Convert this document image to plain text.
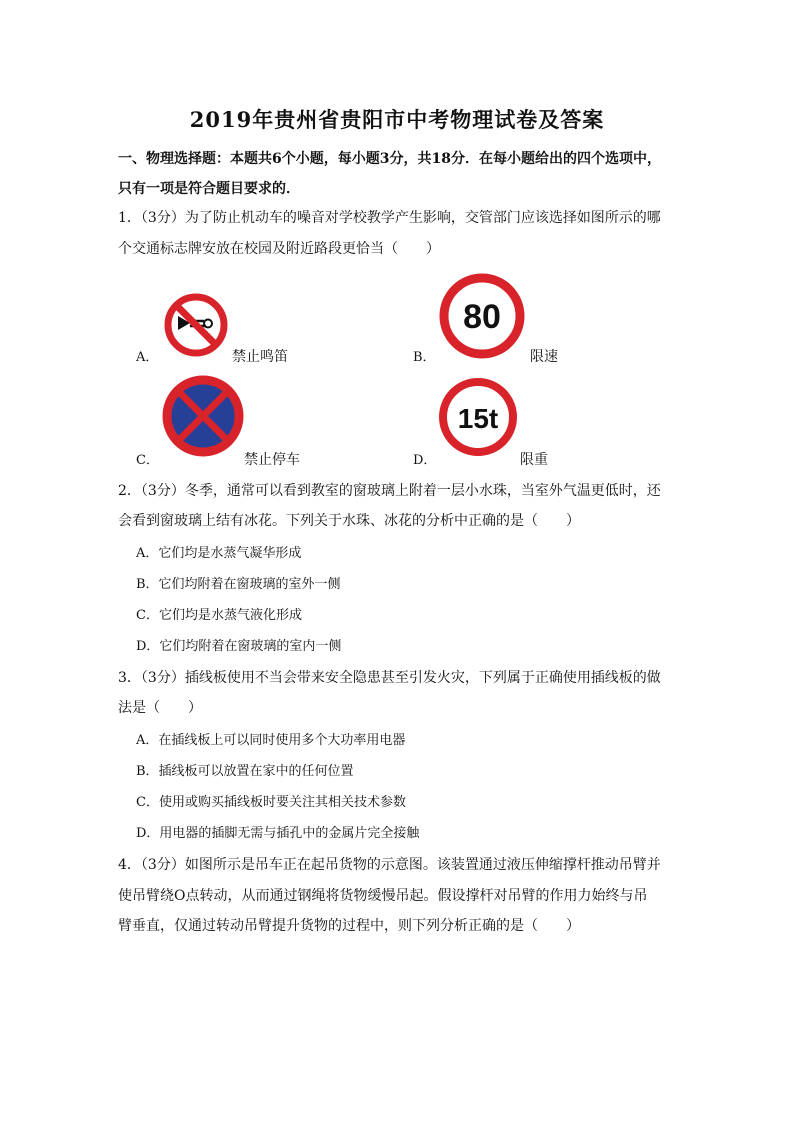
2019年贵州省贵阳市中考物理试卷及答案
一、物理选择题：本题共6个小题，每小题3分，共18分．在每小题给出的四个选项中，
只有一项是符合题目要求的．
1．（3分）为了防止机动车的噪音对学校教学产生影响，交管部门应该选择如图所示的哪
个交通标志牌安放在校园及附近路段更恰当（　　）
A．	禁止鸣笛
80
B．	限速
C．	禁止停车
15t
D．	限重
2．（3分）冬季，通常可以看到教室的窗玻璃上附着一层小水珠，当室外气温更低时，还
会看到窗玻璃上结有冰花。下列关于水珠、冰花的分析中正确的是（　　）
A．它们均是水蒸气凝华形成
B．它们均附着在窗玻璃的室外一侧
C．它们均是水蒸气液化形成
D．它们均附着在窗玻璃的室内一侧
3．（3分）插线板使用不当会带来安全隐患甚至引发火灾，下列属于正确使用插线板的做
法是（　　）
A．在插线板上可以同时使用多个大功率用电器
B．插线板可以放置在家中的任何位置
C．使用或购买插线板时要关注其相关技术参数
D．用电器的插脚无需与插孔中的金属片完全接触
4．（3分）如图所示是吊车正在起吊货物的示意图。该装置通过液压伸缩撑杆推动吊臂并
使吊臂绕O点转动，从而通过钢绳将货物缓慢吊起。假设撑杆对吊臂的作用力始终与吊
臂垂直，仅通过转动吊臂提升货物的过程中，则下列分析正确的是（　　）
